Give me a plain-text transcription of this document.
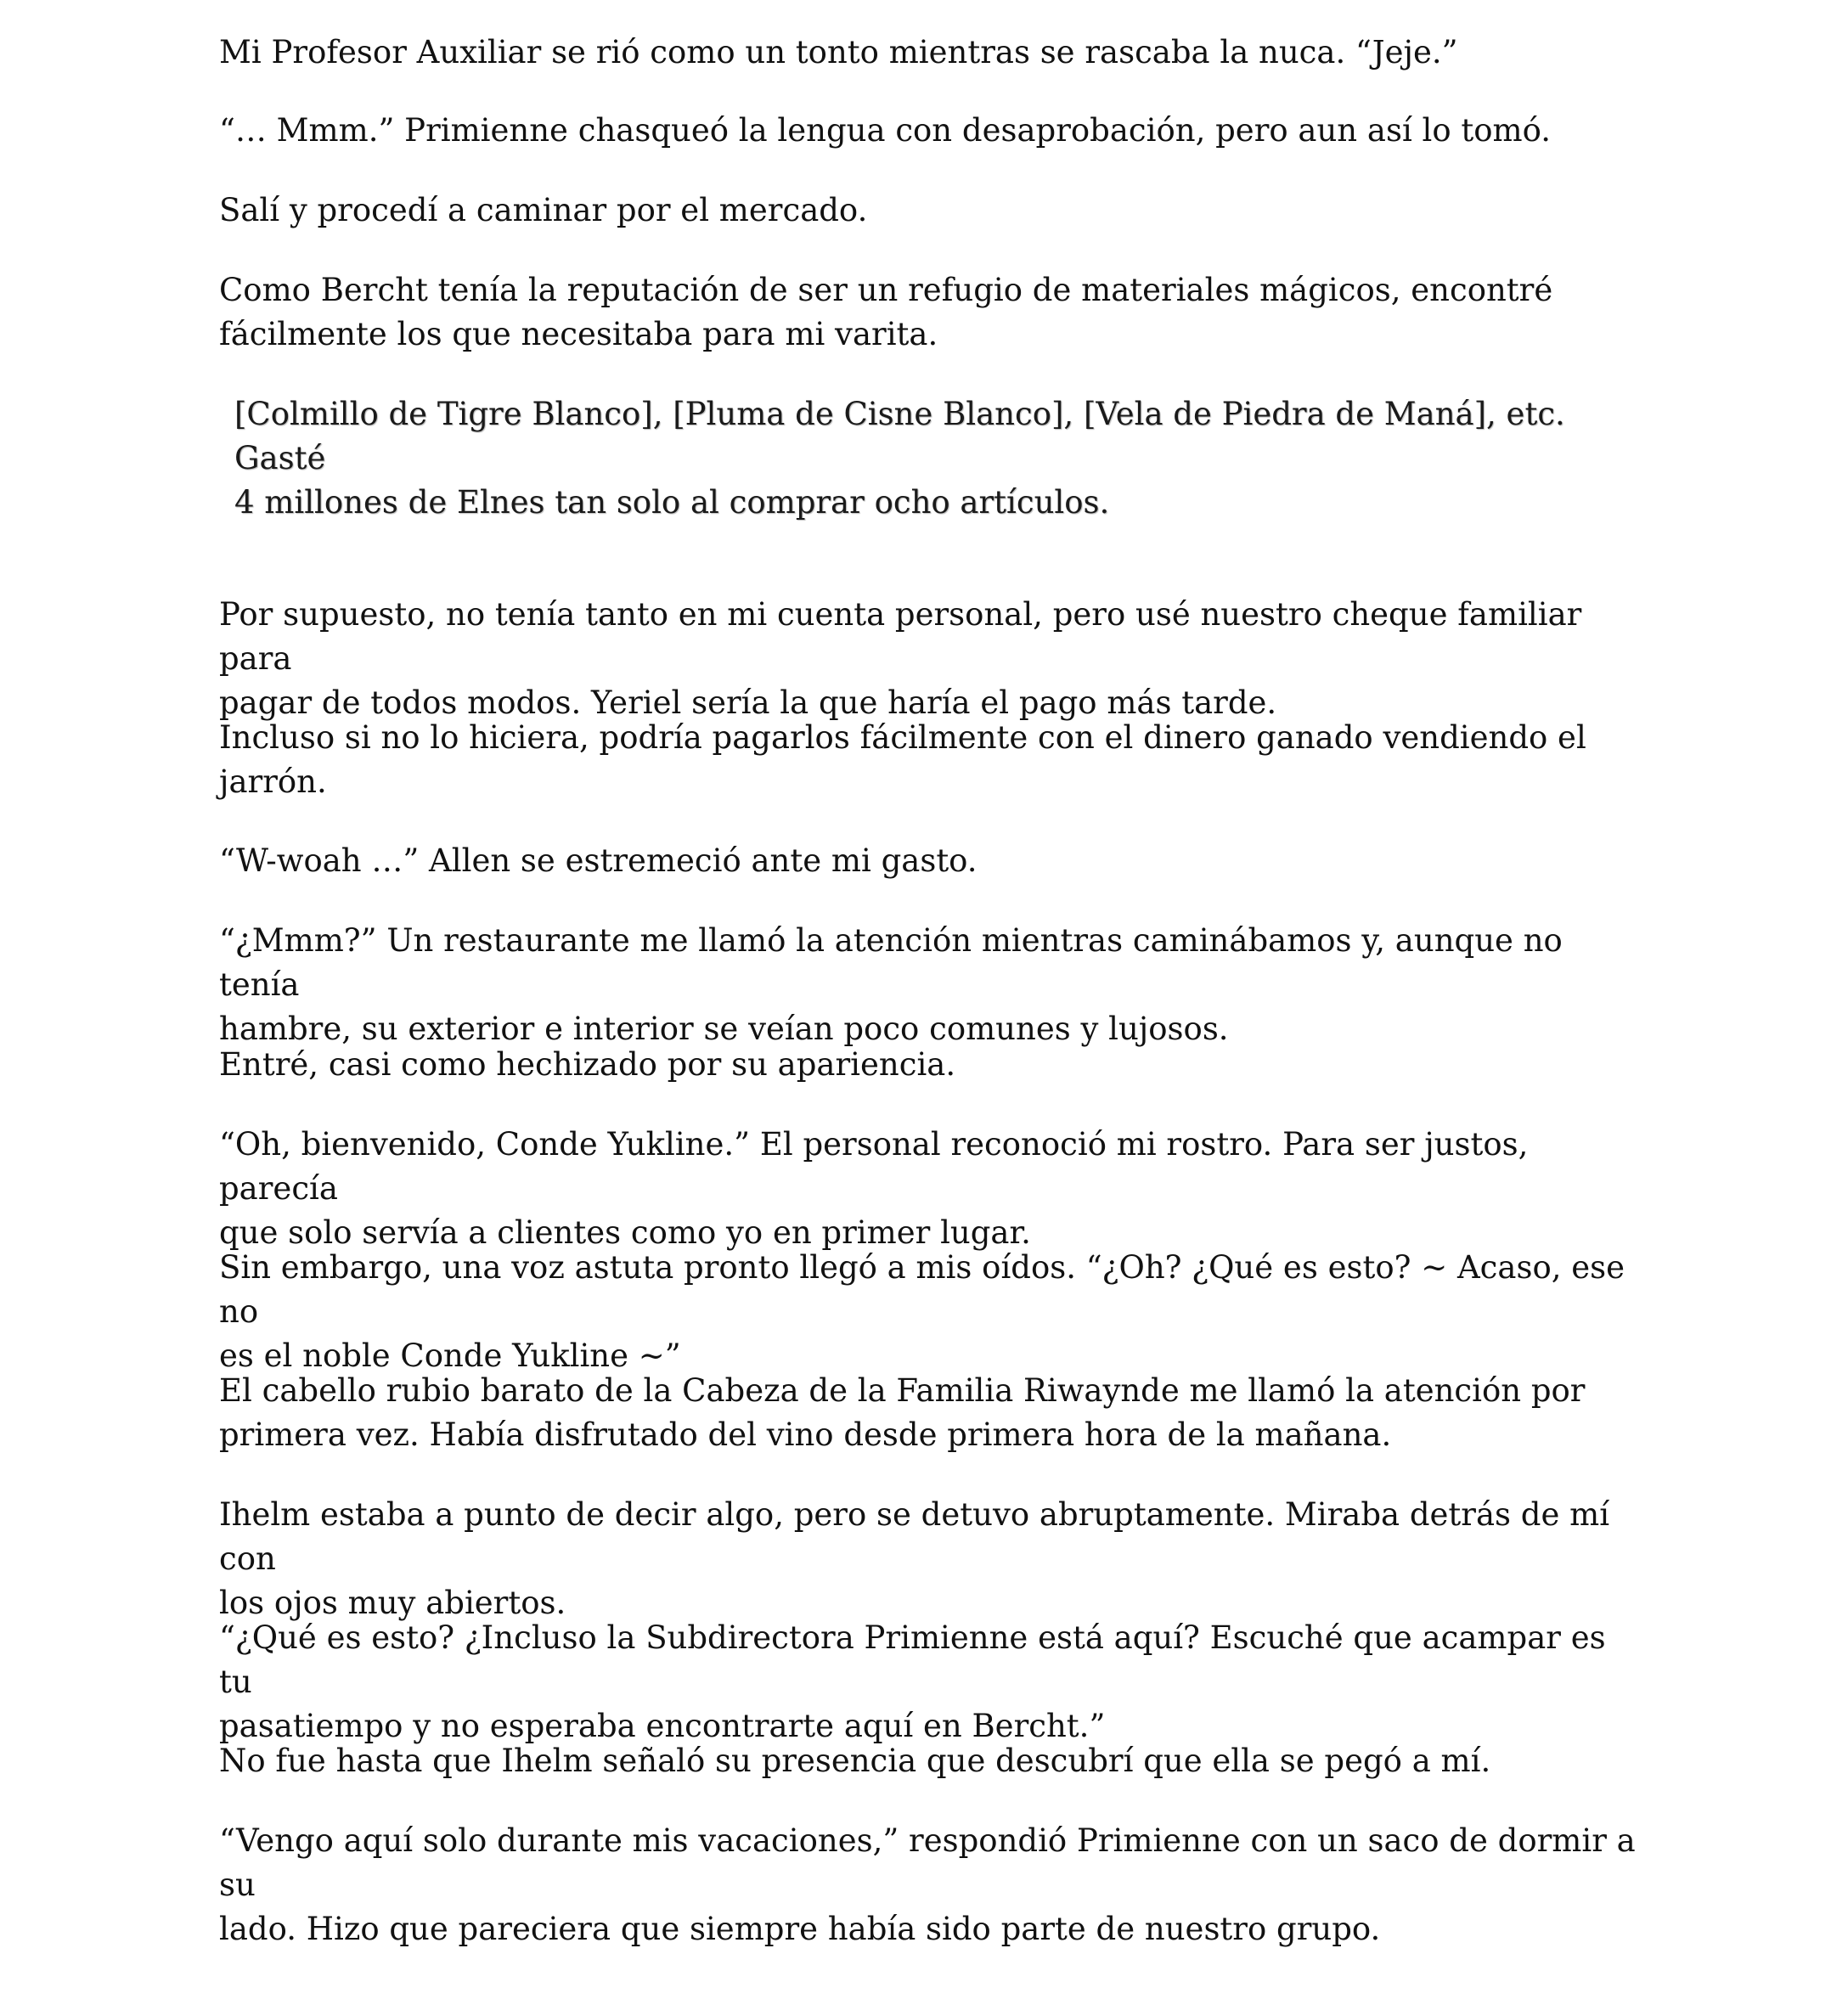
Mi Profesor Auxiliar se rió como un tonto mientras se rascaba la nuca. “Jeje.”

“… Mmm.” Primienne chasqueó la lengua con desaprobación, pero aun así lo tomó.

Salí y procedí a caminar por el mercado.

Como Bercht tenía la reputación de ser un refugio de materiales mágicos, encontré
fácilmente los que necesitaba para mi varita.

[Colmillo de Tigre Blanco], [Pluma de Cisne Blanco], [Vela de Piedra de Maná], etc. Gasté
4 millones de Elnes tan solo al comprar ocho artículos.

Por supuesto, no tenía tanto en mi cuenta personal, pero usé nuestro cheque familiar para
pagar de todos modos. Yeriel sería la que haría el pago más tarde.

Incluso si no lo hiciera, podría pagarlos fácilmente con el dinero ganado vendiendo el
jarrón.

“W-woah …” Allen se estremeció ante mi gasto.

“¿Mmm?” Un restaurante me llamó la atención mientras caminábamos y, aunque no tenía
hambre, su exterior e interior se veían poco comunes y lujosos.

Entré, casi como hechizado por su apariencia.

“Oh, bienvenido, Conde Yukline.” El personal reconoció mi rostro. Para ser justos, parecía
que solo servía a clientes como yo en primer lugar.

Sin embargo, una voz astuta pronto llegó a mis oídos. “¿Oh? ¿Qué es esto? ~ Acaso, ese no
es el noble Conde Yukline ~”

El cabello rubio barato de la Cabeza de la Familia Riwaynde me llamó la atención por
primera vez. Había disfrutado del vino desde primera hora de la mañana.

Ihelm estaba a punto de decir algo, pero se detuvo abruptamente. Miraba detrás de mí con
los ojos muy abiertos.

“¿Qué es esto? ¿Incluso la Subdirectora Primienne está aquí? Escuché que acampar es tu
pasatiempo y no esperaba encontrarte aquí en Bercht.”

No fue hasta que Ihelm señaló su presencia que descubrí que ella se pegó a mí.

“Vengo aquí solo durante mis vacaciones,” respondió Primienne con un saco de dormir a su
lado. Hizo que pareciera que siempre había sido parte de nuestro grupo.
